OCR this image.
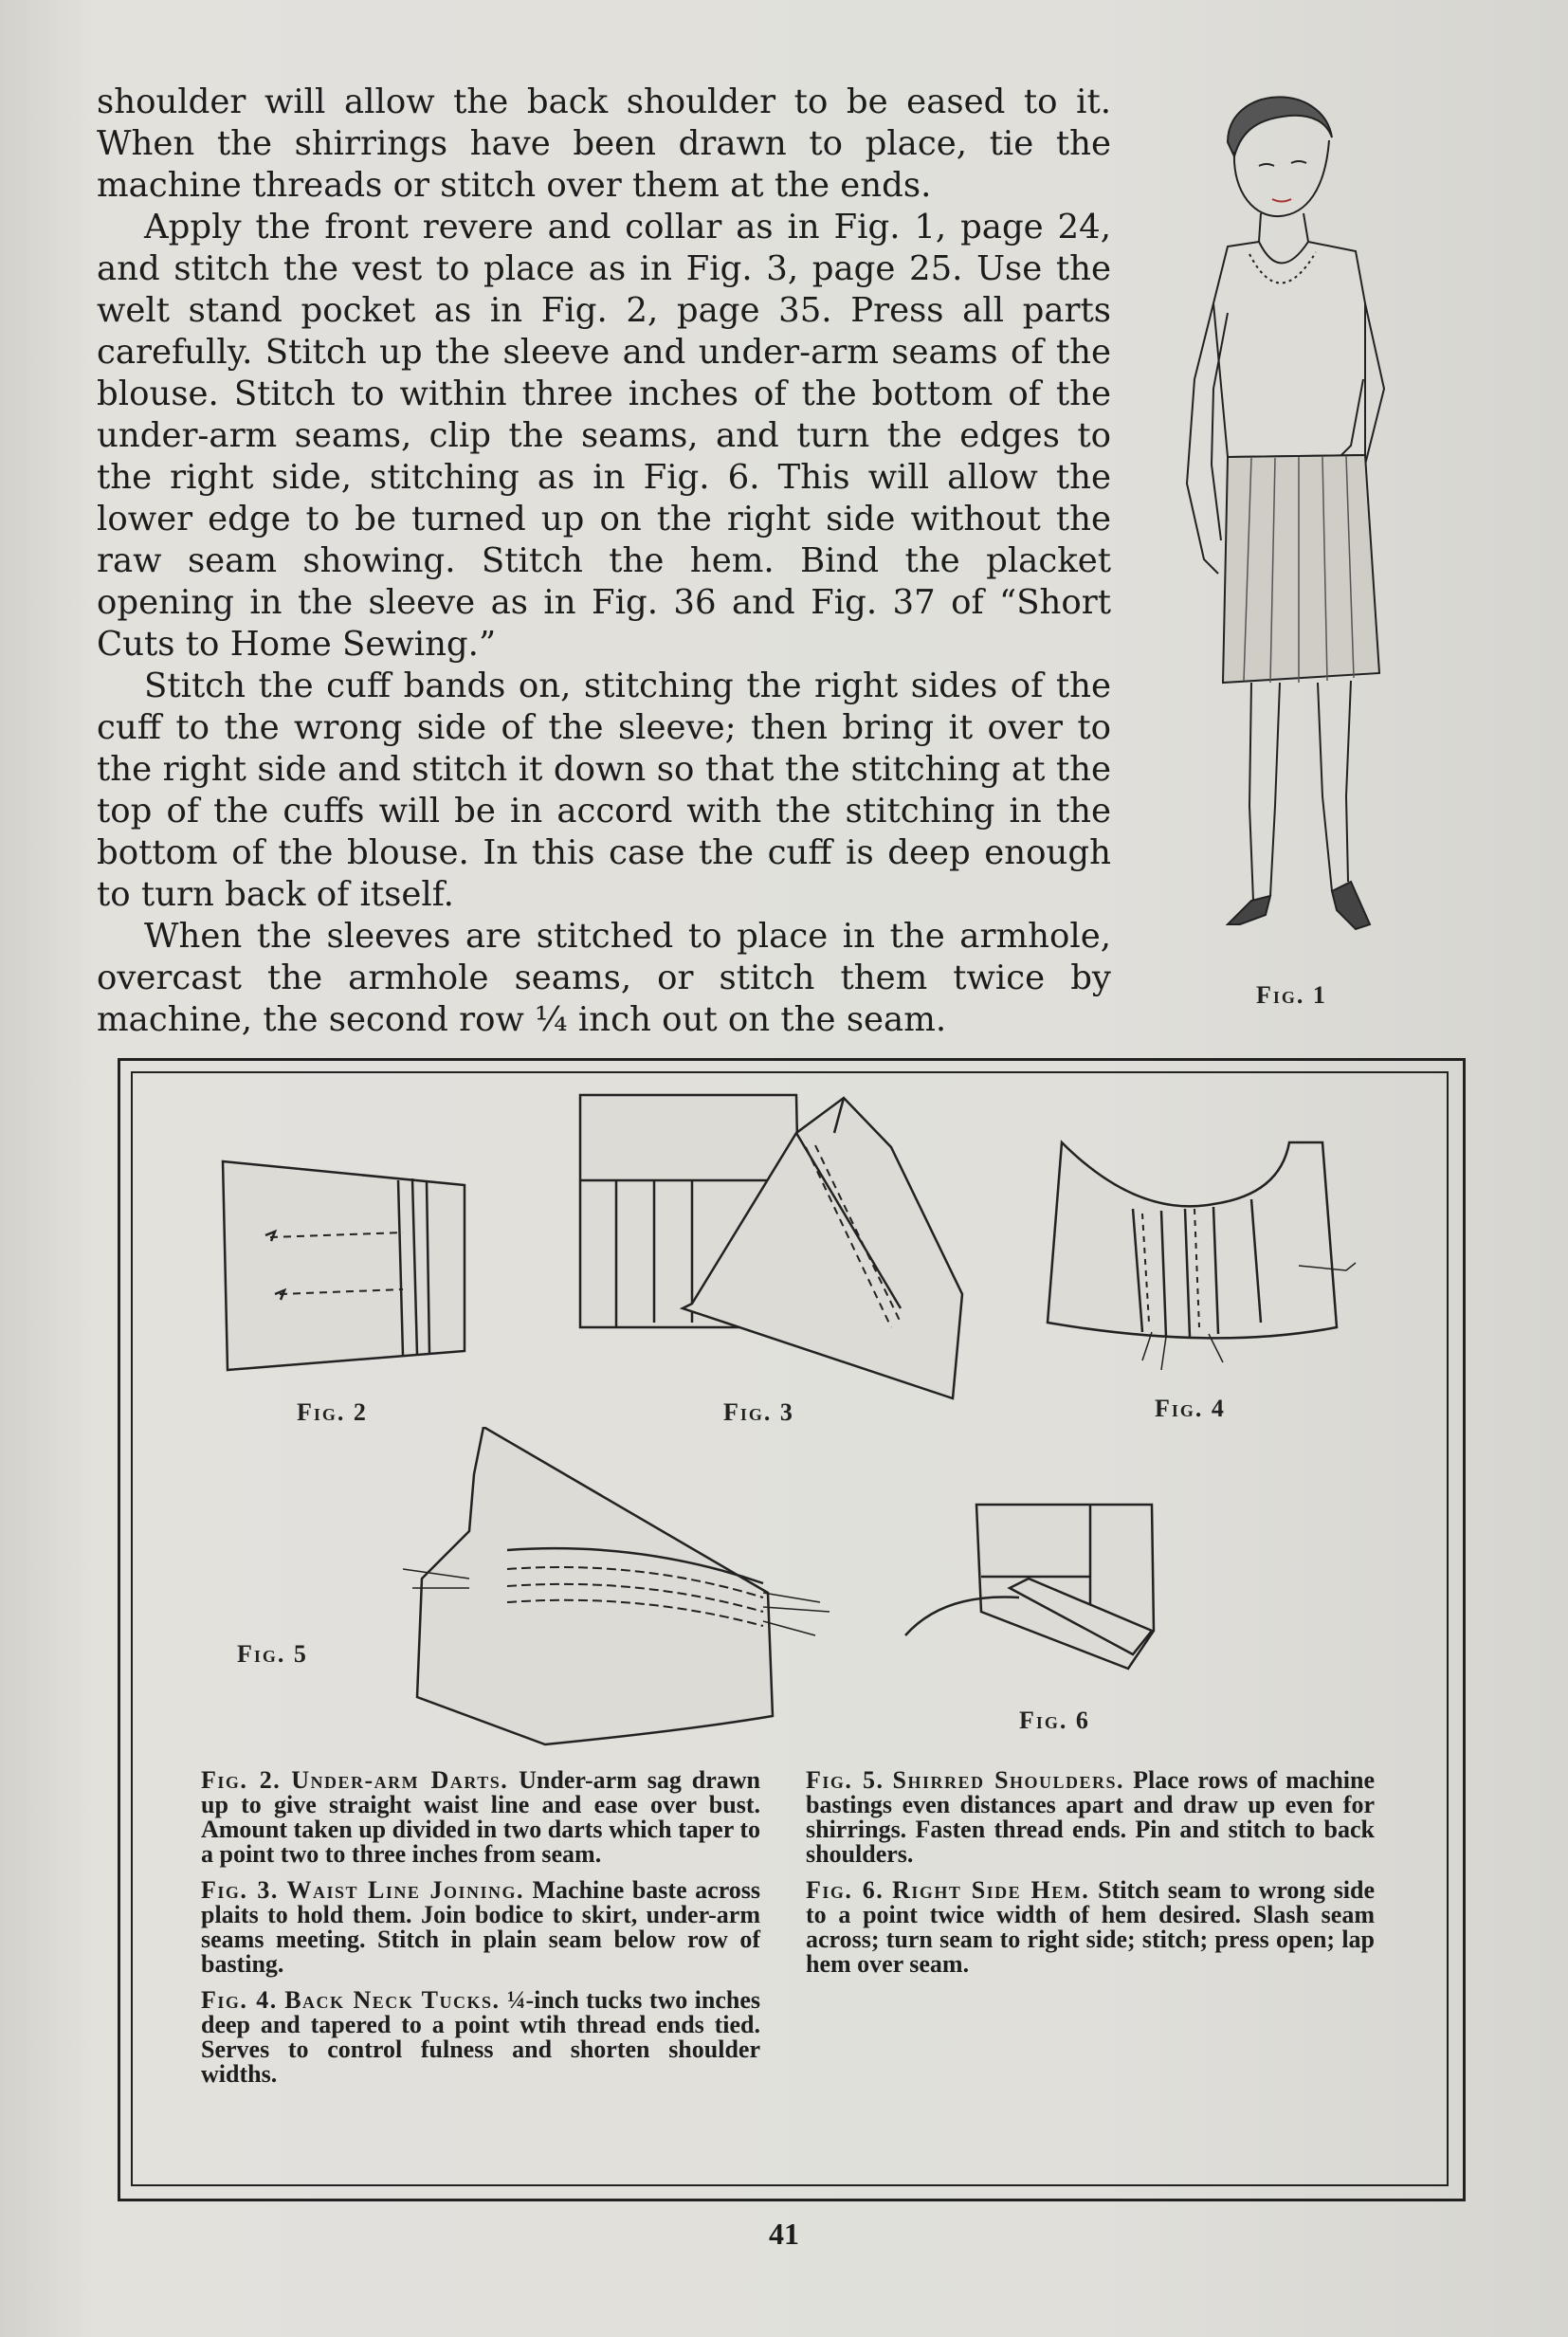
shoulder will allow the back shoulder to be eased to it. When the shirrings have been drawn to place, tie the machine threads or stitch over them at the ends.

Apply the front revere and collar as in Fig. 1, page 24, and stitch the vest to place as in Fig. 3, page 25. Use the welt stand pocket as in Fig. 2, page 35. Press all parts carefully. Stitch up the sleeve and under-arm seams of the blouse. Stitch to within three inches of the bottom of the under-arm seams, clip the seams, and turn the edges to the right side, stitching as in Fig. 6. This will allow the lower edge to be turned up on the right side without the raw seam showing. Stitch the hem. Bind the placket opening in the sleeve as in Fig. 36 and Fig. 37 of “Short Cuts to Home Sewing.”

Stitch the cuff bands on, stitching the right sides of the cuff to the wrong side of the sleeve; then bring it over to the right side and stitch it down so that the stitching at the top of the cuffs will be in accord with the stitching in the bottom of the blouse. In this case the cuff is deep enough to turn back of itself.

When the sleeves are stitched to place in the armhole, overcast the armhole seams, or stitch them twice by machine, the second row ¼ inch out on the seam.

Fig. 1
Fig. 2	Fig. 3	Fig. 4
Fig. 5
Fig. 6

Fig. 2. Under-arm Darts. Under-arm sag drawn up to give straight waist line and ease over bust. Amount taken up divided in two darts which taper to a point two to three inches from seam.

Fig. 3. Waist Line Joining. Machine baste across plaits to hold them. Join bodice to skirt, under-arm seams meeting. Stitch in plain seam below row of basting.

Fig. 4. Back Neck Tucks. ¼-inch tucks two inches deep and tapered to a point wtih thread ends tied. Serves to control fulness and shorten shoulder widths.

Fig. 5. Shirred Shoulders. Place rows of machine bastings even distances apart and draw up even for shirrings. Fasten thread ends. Pin and stitch to back shoulders.

Fig. 6. Right Side Hem. Stitch seam to wrong side to a point twice width of hem desired. Slash seam across; turn seam to right side; stitch; press open; lap hem over seam.

41
